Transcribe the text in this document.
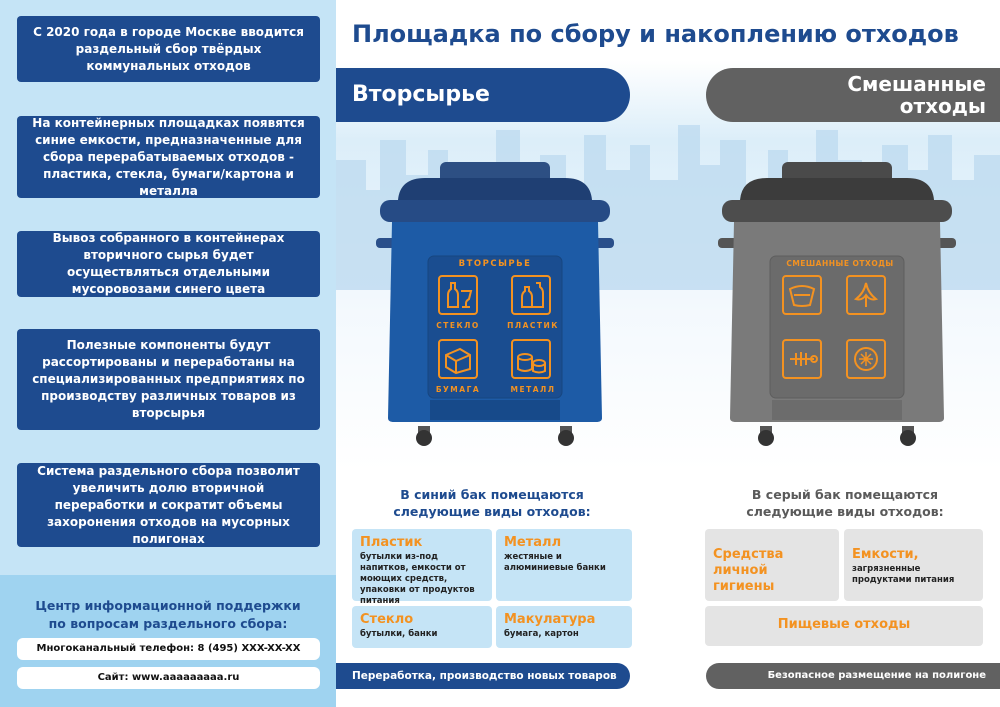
С 2020 года в городе Москве вводится раздельный сбор твёрдых коммунальных отходов
На контейнерных площадках появятся синие емкости, предназначенные для сбора перерабатываемых отходов - пластика, стекла, бумаги/картона и металла
Вывоз собранного в контейнерах вторичного сырья будет осуществляться отдельными мусоровозами синего цвета
Полезные компоненты будут рассортированы и переработаны на специализированных предприятиях по производству различных товаров из вторсырья
Система раздельного сбора позволит увеличить долю вторичной переработки и сократит объемы захоронения отходов на мусорных полигонах
Центр информационной поддержки
по вопросам раздельного сбора:
Многоканальный телефон: 8 (495) XXX-XX-XX
Сайт: www.aaaaaaaaa.ru
Площадка по сбору и накоплению отходов
Вторсырье	Смешанные
отходы
ВТОРСЫРЬЕ
СТЕКЛО	ПЛАСТИК
БУМАГА	МЕТАЛЛ
СМЕШАННЫЕ ОТХОДЫ
В синий бак помещаются
следующие виды отходов:
Пластик
бутылки из-под напитков, емкости от моющих средств, упаковки от продуктов питания
Металл
жестяные и алюминиевые банки
Стекло
бутылки, банки
Макулатура
бумага, картон
В серый бак помещаются
следующие виды отходов:
Средства личной гигиены
Емкости,
загрязненные продуктами питания
Пищевые отходы
Переработка, производство новых товаров	Безопасное размещение на полигоне
